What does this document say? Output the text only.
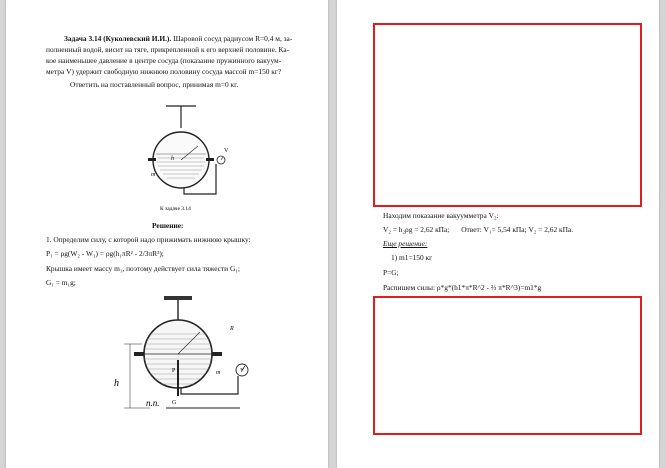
Задача 3.14 (Куколевский И.И.). Шаровой сосуд радиусом R=0,4 м, за-
полненный водой, висит на тяге, прикрепленной к его верхней половине. Ка-
кое наименьшее давление в центре сосуда (показание пружинного вакуум-
метра V) удержит свободную нижнюю половину сосуда массой m=150 кг?
Ответить на поставленный вопрос, принимая m=0 кг.
V
h
m
К задаче 3.14
Решение:
1. Определим силу, с которой надо прижимать нижнюю крышку:
P₁ = ρg(W₂ - W₁) = ρg(h₁πR² - 2/3πR³);
Крышка имеет массу m₁, поэтому действует сила тяжести G₁;
G₁ = m₁g;
R
h
m	V
P
G
п.п.
Находим показание вакуумметра V₂:
V₂ = h₂ρg = 2,62 кПа; Ответ: V₁= 5,54 кПа; V₂ = 2,62 кПа.
Еще решение:
1) m1=150 кг
P=G;
Распишем силы: ρ*g*(h1*π*R^2 - ⅔ π*R^3)=m1*g
